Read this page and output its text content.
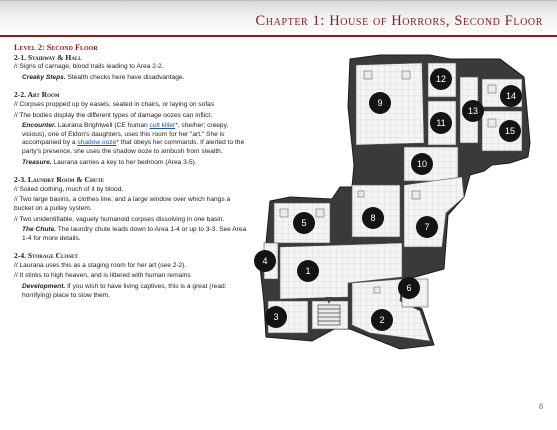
Chapter 1: House of Horrors, Second Floor
Level 2: Second Floor
2-1. Stairway & Hall
// Signs of carnage, blood trails leading to Area 2-2.
Creaky Steps. Stealth checks here have disadvantage.
2-2. Art Room
// Corpses propped up by easels, seated in chairs, or laying on sofas
// The bodies display the different types of damage oozes can inflict.
Encounter. Laurana Brightwell (CE human cult killer*, she/her; creepy, vicious), one of Eldon's daughters, uses this room for her "art." She is accompanied by a shadow ooze* that obeys her commands. If alerted to the party's presence, she uses the shadow ooze to ambush from stealth.
Treasure. Laurana carries a key to her bedroom (Area 3-5).
2-3. Laundry Room & Chute
// Soiled clothing, much of it by blood.
// Two large basins, a clothes line, and a large window over which hangs a bucket on a pulley system.
// Two unidentifiable, vaguely humanoid corpses dissolving in one basin.
The Chute. The laundry chute leads down to Area 1-4 or up to 3-3. See Area 1-4 for more details.
2-4. Storage Closet
// Laurana uses this as a staging room for her art (see 2-2).
// It stinks to high heaven, and is littered with human remains
Development. If you wish to have living captives, this is a great (read: horrifying) place to stow them.
1
2
3
4
5
6
7
8
9
10
11
12
13
14
15
8
